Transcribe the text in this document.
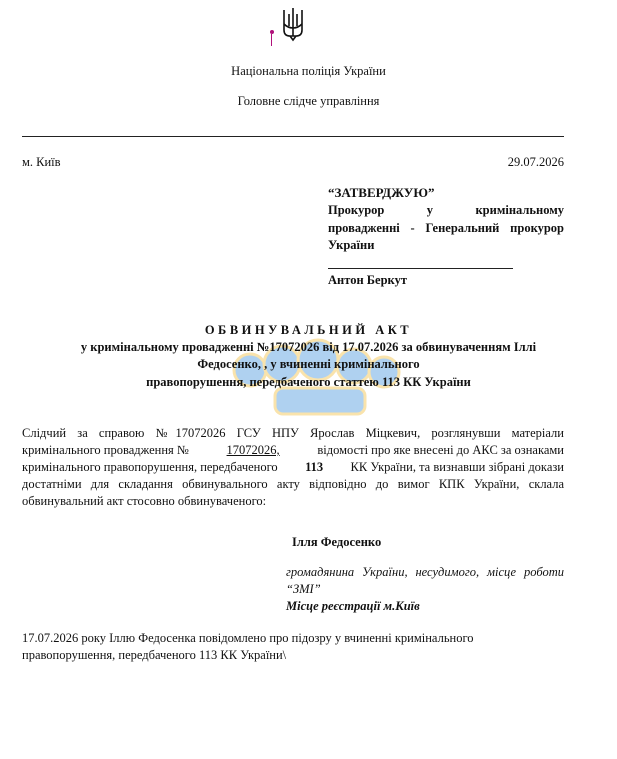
Національна поліція України
Головне слідче управління
м. Київ	29.07.2026
“ЗАТВЕРДЖУЮ”
Прокурор у кримінальному
провадженні - Генеральний прокурор
України
Антон Беркут
ОБВИНУВАЛЬНИЙ АКТ
у кримінальному провадженні №17072026 від 17.07.2026 за обвинуваченням Іллі
Федосенко, , у вчиненні кримінального
правопорушення, передбаченого статтею 113 КК України
Слідчий за справою №17072026 ГСУ НПУ Ярослав Міцкевич, розглянувши матеріали
кримінального провадження №	17072026,	відомості про яке внесені до АКС за ознаками
кримінального правопорушення, передбаченого 113 КК України, та визнавши зібрані докази
достатніми для складання обвинувального акту відповідно до вимог КПК України, склала
обвинувальний акт стосовно обвинуваченого:
Ілля Федосенко
громадянина України, несудимого, місце роботи
“ЗМІ”
Місце реєстрації м.Київ
17.07.2026 року Іллю Федосенка повідомлено про підозру у вчиненні кримінального
правопорушення, передбаченого 113 КК України\
